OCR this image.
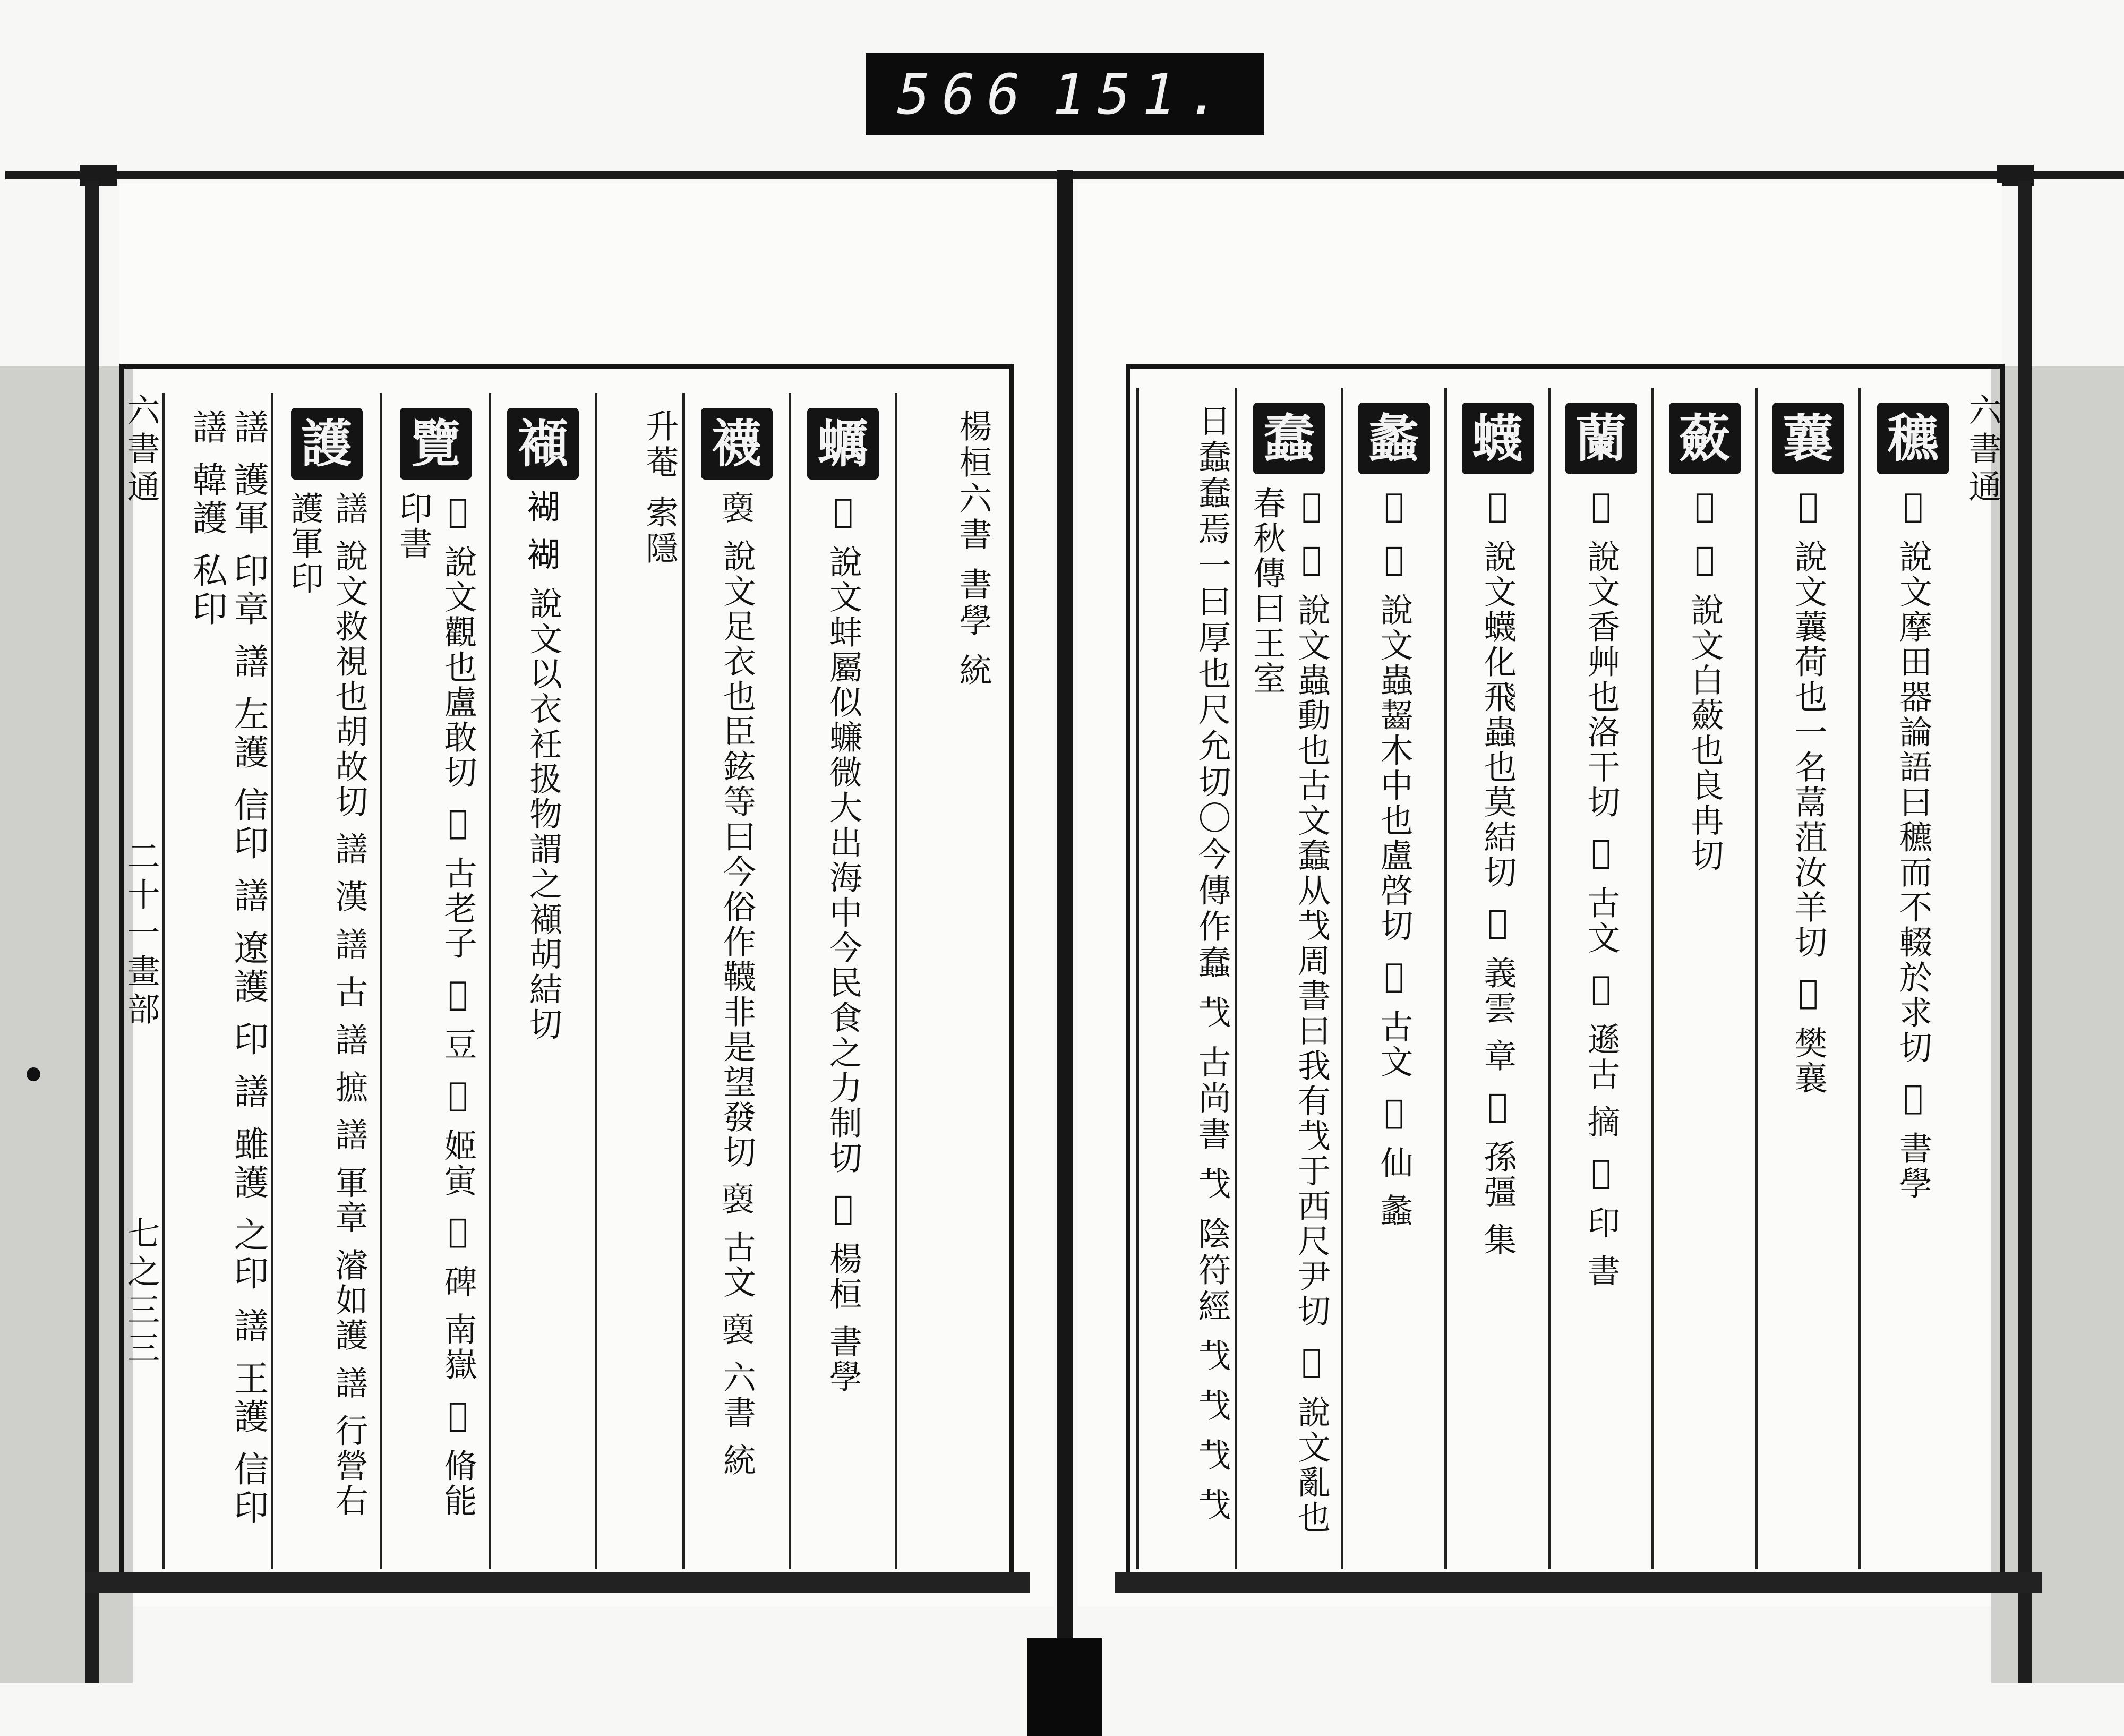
566 151.
六書通
二十一畫部
七之三三
楊桓六書 書學 統
蠣
𧓍 說文蚌屬似蠊微大出海中今民食之力制切 𧓍 楊桓 書學
襪
𧜟 說文足衣也臣鉉等曰今俗作韈非是望發切 𧜟 古文 𧜟 六書 統
升菴 索隱
襭
𧛞 𧛞 說文以衣衽扱物謂之襭胡結切
覽
𥌬 說文觀也盧敢切 𥌬 古老子 𥌬 豆 𥌬 姬寅 𥌬 碑 南嶽 𥌬 脩能 印書
護
𧬆 說文救視也胡故切 𧬆 漢 𧬆 古 𧬆 摭 𧬆 軍章 濬如護 𧬆 行營右 護軍印
𧬆 護軍 印章 𧬆 左護 信印 𧬆 遼護 印 𧬆 雖護 之印 𧬆 王護 信印 𧬆 韓護 私印	六書通
穮
𥢆 說文摩田器論語曰穮而不輟於求切 𥢆 書學
蘘
𦼥 說文蘘荷也一名蒚菹汝羊切 𦼥 樊襄
蘞
𦼥 𦼥 說文白蘞也良冉切
蘭
𦼥 說文香艸也洛干切 𦼥 古文 𦼥 遜古 摘 𦼥 印 書
蠛
𧓍 說文蠛化飛蟲也莫結切 𧓍 義雲 章 𧓍 孫彊 集
蠡
𧓍 𧓍 說文蟲齧木中也盧啓切 𧓍 古文 𧓍 仙 蠡
蠢
𧓍 𧓍 說文蟲動也古文蠢从𢦏周書曰我有𢦏于西尺尹切 𧓍 說文亂也春秋傳曰王室
日蠢蠢焉一曰厚也尺允切〇今傳作蠢 𢦏 古尚書 𢦏 陰符經 𢦏 𢦏 𢦏 𢦏
